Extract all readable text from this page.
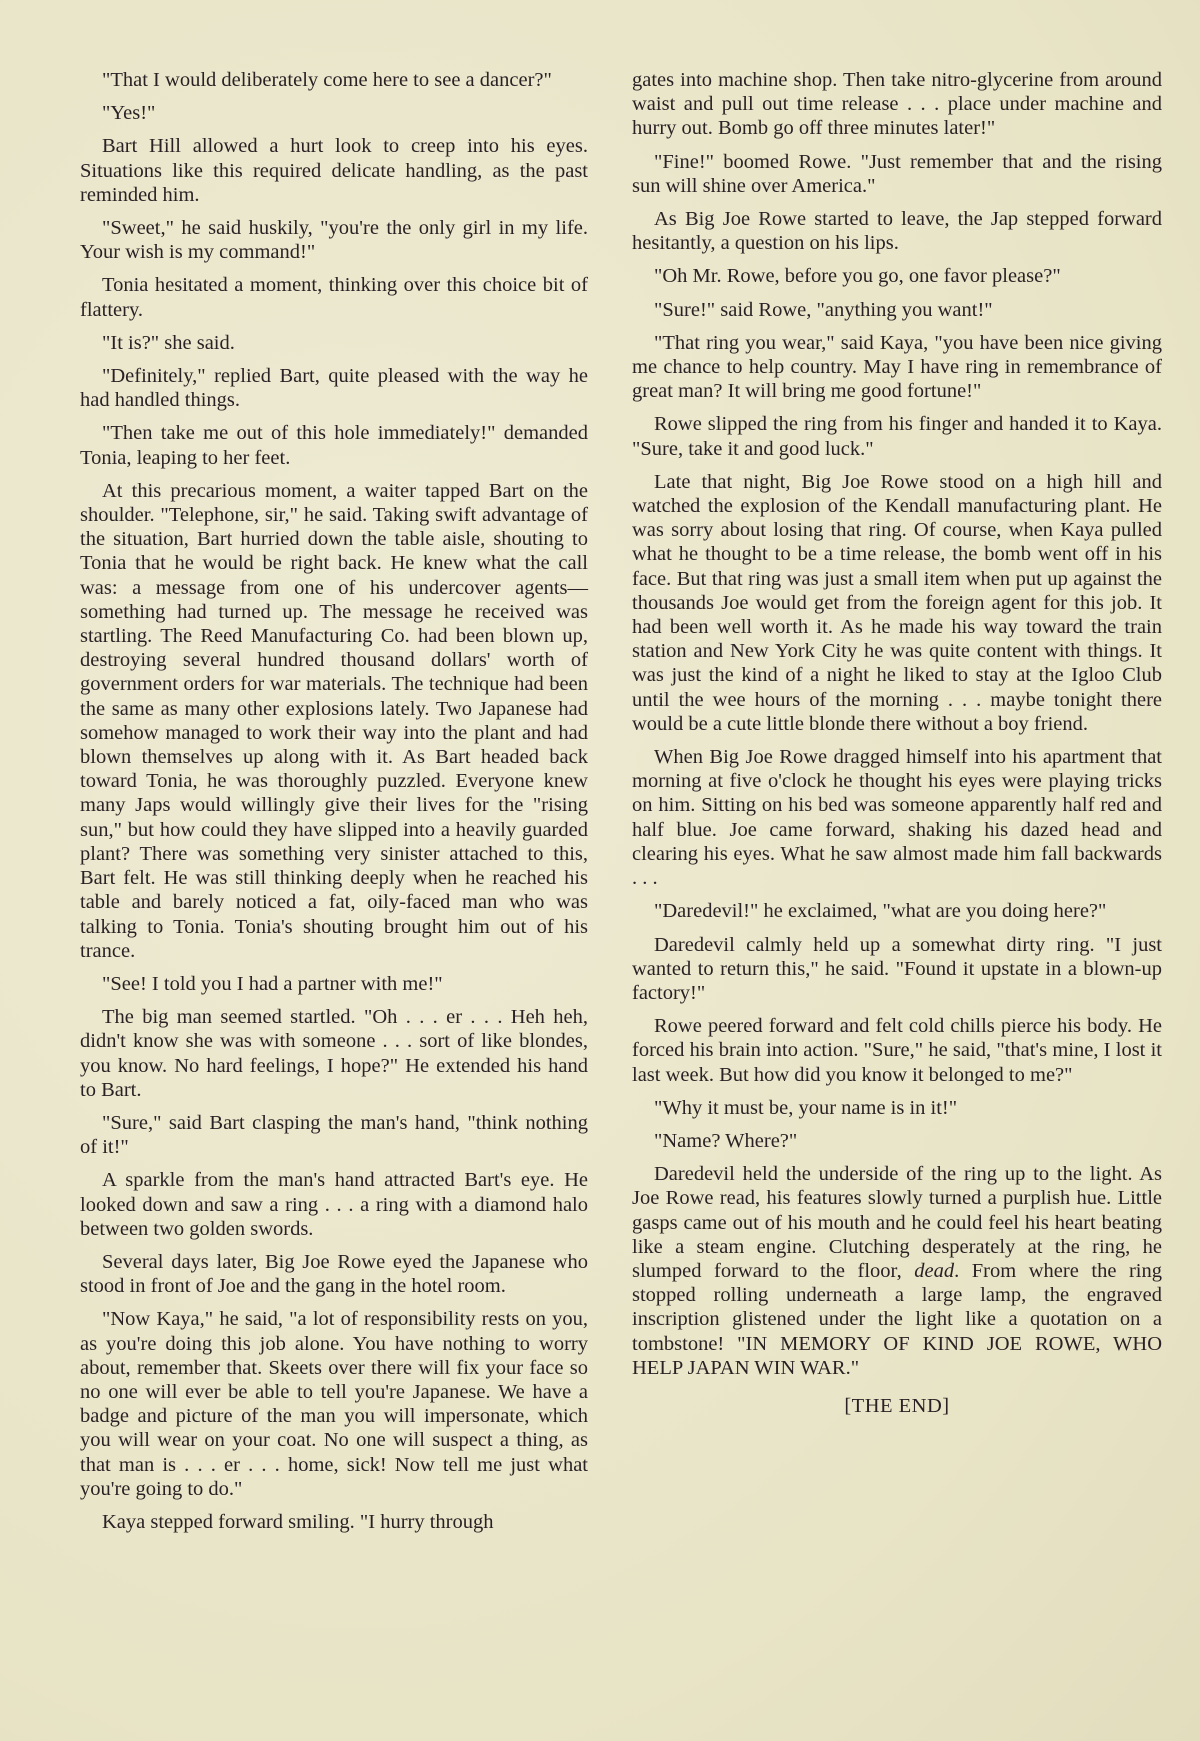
"That I would deliberately come here to see a dancer?"

"Yes!"

Bart Hill allowed a hurt look to creep into his eyes. Situations like this required delicate handling, as the past reminded him.

"Sweet," he said huskily, "you're the only girl in my life. Your wish is my command!"

Tonia hesitated a moment, thinking over this choice bit of flattery.

"It is?" she said.

"Definitely," replied Bart, quite pleased with the way he had handled things.

"Then take me out of this hole immediately!" demanded Tonia, leaping to her feet.

At this precarious moment, a waiter tapped Bart on the shoulder. "Telephone, sir," he said. Taking swift advantage of the situation, Bart hurried down the table aisle, shouting to Tonia that he would be right back. He knew what the call was: a message from one of his undercover agents—something had turned up. The message he received was startling. The Reed Manufacturing Co. had been blown up, destroying several hundred thousand dollars' worth of government orders for war materials. The technique had been the same as many other explosions lately. Two Japanese had somehow managed to work their way into the plant and had blown themselves up along with it. As Bart headed back toward Tonia, he was thoroughly puzzled. Everyone knew many Japs would willingly give their lives for the "rising sun," but how could they have slipped into a heavily guarded plant? There was something very sinister attached to this, Bart felt. He was still thinking deeply when he reached his table and barely noticed a fat, oily-faced man who was talking to Tonia. Tonia's shouting brought him out of his trance.

"See! I told you I had a partner with me!"

The big man seemed startled. "Oh . . . er . . . Heh heh, didn't know she was with someone . . . sort of like blondes, you know. No hard feelings, I hope?" He extended his hand to Bart.

"Sure," said Bart clasping the man's hand, "think nothing of it!"

A sparkle from the man's hand attracted Bart's eye. He looked down and saw a ring . . . a ring with a diamond halo between two golden swords.

Several days later, Big Joe Rowe eyed the Japanese who stood in front of Joe and the gang in the hotel room.

"Now Kaya," he said, "a lot of responsibility rests on you, as you're doing this job alone. You have nothing to worry about, remember that. Skeets over there will fix your face so no one will ever be able to tell you're Japanese. We have a badge and picture of the man you will impersonate, which you will wear on your coat. No one will suspect a thing, as that man is . . . er . . . home, sick! Now tell me just what you're going to do."

Kaya stepped forward smiling. "I hurry through

gates into machine shop. Then take nitro-glycerine from around waist and pull out time release . . . place under machine and hurry out. Bomb go off three minutes later!"

"Fine!" boomed Rowe. "Just remember that and the rising sun will shine over America."

As Big Joe Rowe started to leave, the Jap stepped forward hesitantly, a question on his lips.

"Oh Mr. Rowe, before you go, one favor please?"

"Sure!" said Rowe, "anything you want!"

"That ring you wear," said Kaya, "you have been nice giving me chance to help country. May I have ring in remembrance of great man? It will bring me good fortune!"

Rowe slipped the ring from his finger and handed it to Kaya. "Sure, take it and good luck."

Late that night, Big Joe Rowe stood on a high hill and watched the explosion of the Kendall manufacturing plant. He was sorry about losing that ring. Of course, when Kaya pulled what he thought to be a time release, the bomb went off in his face. But that ring was just a small item when put up against the thousands Joe would get from the foreign agent for this job. It had been well worth it. As he made his way toward the train station and New York City he was quite content with things. It was just the kind of a night he liked to stay at the Igloo Club until the wee hours of the morning . . . maybe tonight there would be a cute little blonde there without a boy friend.

When Big Joe Rowe dragged himself into his apartment that morning at five o'clock he thought his eyes were playing tricks on him. Sitting on his bed was someone apparently half red and half blue. Joe came forward, shaking his dazed head and clearing his eyes. What he saw almost made him fall backwards . . .

"Daredevil!" he exclaimed, "what are you doing here?"

Daredevil calmly held up a somewhat dirty ring. "I just wanted to return this," he said. "Found it upstate in a blown-up factory!"

Rowe peered forward and felt cold chills pierce his body. He forced his brain into action. "Sure," he said, "that's mine, I lost it last week. But how did you know it belonged to me?"

"Why it must be, your name is in it!"

"Name? Where?"

Daredevil held the underside of the ring up to the light. As Joe Rowe read, his features slowly turned a purplish hue. Little gasps came out of his mouth and he could feel his heart beating like a steam engine. Clutching desperately at the ring, he slumped forward to the floor, dead. From where the ring stopped rolling underneath a large lamp, the engraved inscription glistened under the light like a quotation on a tombstone! "IN MEMORY OF KIND JOE ROWE, WHO HELP JAPAN WIN WAR."

[THE END]
